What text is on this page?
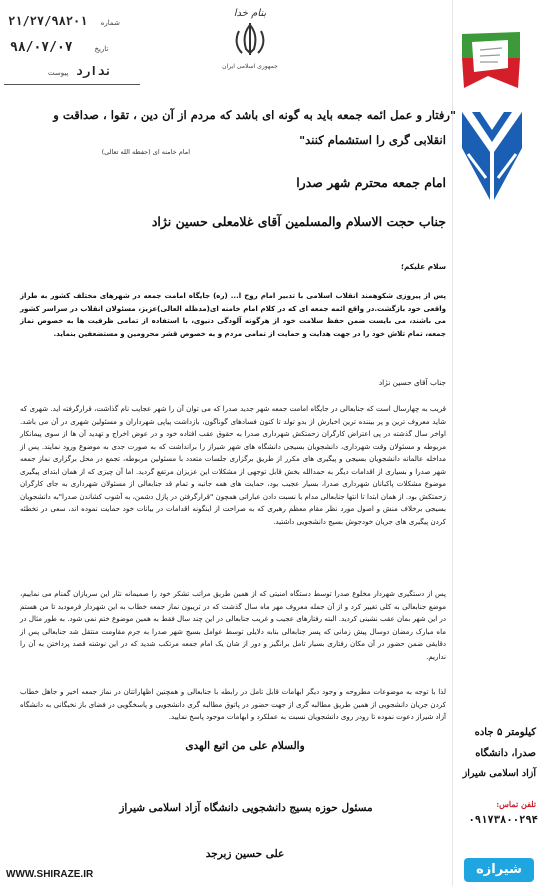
۲۱/۲۷/۹۸۲۰۱ شماره
۹۸/۰۷/۰۷	تاریخ
ندارد پیوست
بنام خدا
جمهوری اسلامی ایران
کیلومتر ۵ جاده
صدرا، دانشگاه
آزاد اسلامی شیراز
تلفن تماس:
۰۹۱۷۳۸۰۰۲۹۴
"رفتار و عمل ائمه جمعه باید به گونه ای باشد که مردم از آن دین ، تقوا ، صداقت و
انقلابی گری را استشمام کنند"
امام خامنه ای (حفظه الله تعالی)
امام جمعه محترم شهر صدرا
جناب حجت الاسلام والمسلمین آقای غلامعلی حسین نژاد
سلام علیکم؛
پس از پیروزی شکوهمند انقلاب اسلامی با تدبیر امام روح ا... (ره) جایگاه امامت جمعه در شهرهای مختلف کشور به طراز واقعی خود بازگشت.در واقع ائمه جمعه ای که در کلام امام خامنه ای(مدظله العالی)عزیز، مسئولان انقلاب در سراسر کشور می باشند، می بایست ضمن حفظ سلامت خود از هرگونه آلودگی دنیوی، با استفاده از تمامی ظرفیت ها به خصوص نماز جمعه، تمام تلاش خود را در جهت هدایت و حمایت از تمامی مردم و به خصوص قشر محرومین و مستضعفین بنماید.
جناب آقای حسین نژاد
قریب به چهارسال است که جنابعالی در جایگاه امامت جمعه شهر جدید صدرا که می توان آن را شهر عجایب نام گذاشت، قرارگرفته اید. شهری که شاید معروف ترین و پر بیننده ترین اخبارش از بدو تولد تا کنون فسادهای گوناگون، بازداشت پیاپی شهرداران و مسئولین شهری در آن می باشد. اواخر سال گذشته در پی اعتراض کارگران زحمتکش شهرداری صدرا به حقوق عقب افتاده خود و در عوض اخراج و تهدید آن ها از سوی پیمانکار مربوطه و مسئولان وقت شهرداری، دانشجویان بسیجی دانشگاه های شهر شیراز را برانداشت که به صورت جدی به موضوع ورود نمایند. پس از مداخله عالمانه دانشجویان بسیجی و پیگیری های مکرر از طریق برگزاری جلسات متعدد با مسئولین مربوطه، تجمع در محل برگزاری نماز جمعه شهر صدرا و بسیاری از اقدامات دیگر به حمدالله بخش قابل توجهی از مشکلات این عزیزان مرتفع گردید. اما آن چیزی که از همان ابتدای پیگیری موضوع مشکلات پاکبانان شهرداری صدرا، بسیار عجیب بود، حمایت های همه جانبه و تمام قد جنابعالی از مسئولان شهرداری به جای کارگران زحمتکش بود. از همان ابتدا تا انتها جنابعالی مدام با نسبت دادن عباراتی همچون "قرارگرفتن در پازل دشمن، به آشوب کشاندن صدرا"به دانشجویان بسیجی برخلاف منش و اصول مورد نظر مقام معظم رهبری که به صراحت از اینگونه اقدامات در بیانات خود حمایت نموده اند، سعی در تخطئه کردن پیگیری های جریان خودجوش بسیج دانشجویی داشتید.
پس از دستگیری شهردار مخلوع صدرا توسط دستگاه امنیتی که از همین طریق مراتب تشکر خود را صمیمانه نثار این سربازان گمنام می نماییم، موضع جنابعالی به کلی تغییر کرد و از آن جمله معروف مهر ماه سال گذشت که در تریبون نماز جمعه خطاب به این شهردار فرمودید تا من هستم در این شهر بمان عقب نشینی کردید. البته رفتارهای عجیب و غریب جنابعالی در این چند سال فقط به همین موضوع ختم نمی شود. به طور مثال در ماه مبارک رمضان دوسال پیش زمانی که پسر جنابعالی بنابه دلایلی توسط عوامل بسیج شهر صدرا به جرم مقاومت منتقل شد جنابعالی پس از دقایقی ضمن حضور در آن مکان رفتاری بسیار تامل برانگیز و دور از شان یک امام جمعه مرتکب شدید که در این نوشته قصد پرداختن به آن را نداریم.
لذا با توجه به موضوعات مطروحه و وجود دیگر ابهامات قابل تامل در رابطه با جنابعالی و همچنین اظهاراتتان در نماز جمعه اخیر و جاهل خطاب کردن جریان دانشجویی از همین طریق مطالبه گری از جهت حضور در پاتوق مطالبه گری دانشجویی و پاسخگویی در فضای باز نخبگانی به دانشگاه آزاد شیراز دعوت نموده تا رودر روی دانشجویان نسبت به عملکرد و ابهامات موجود پاسخ نمایید.
والسلام علی من اتبع الهدی
مسئول حوزه بسیج دانشجویی دانشگاه آزاد اسلامی شیراز
علی حسین زبرجد
WWW.SHIRAZE.IR	شیرازه
